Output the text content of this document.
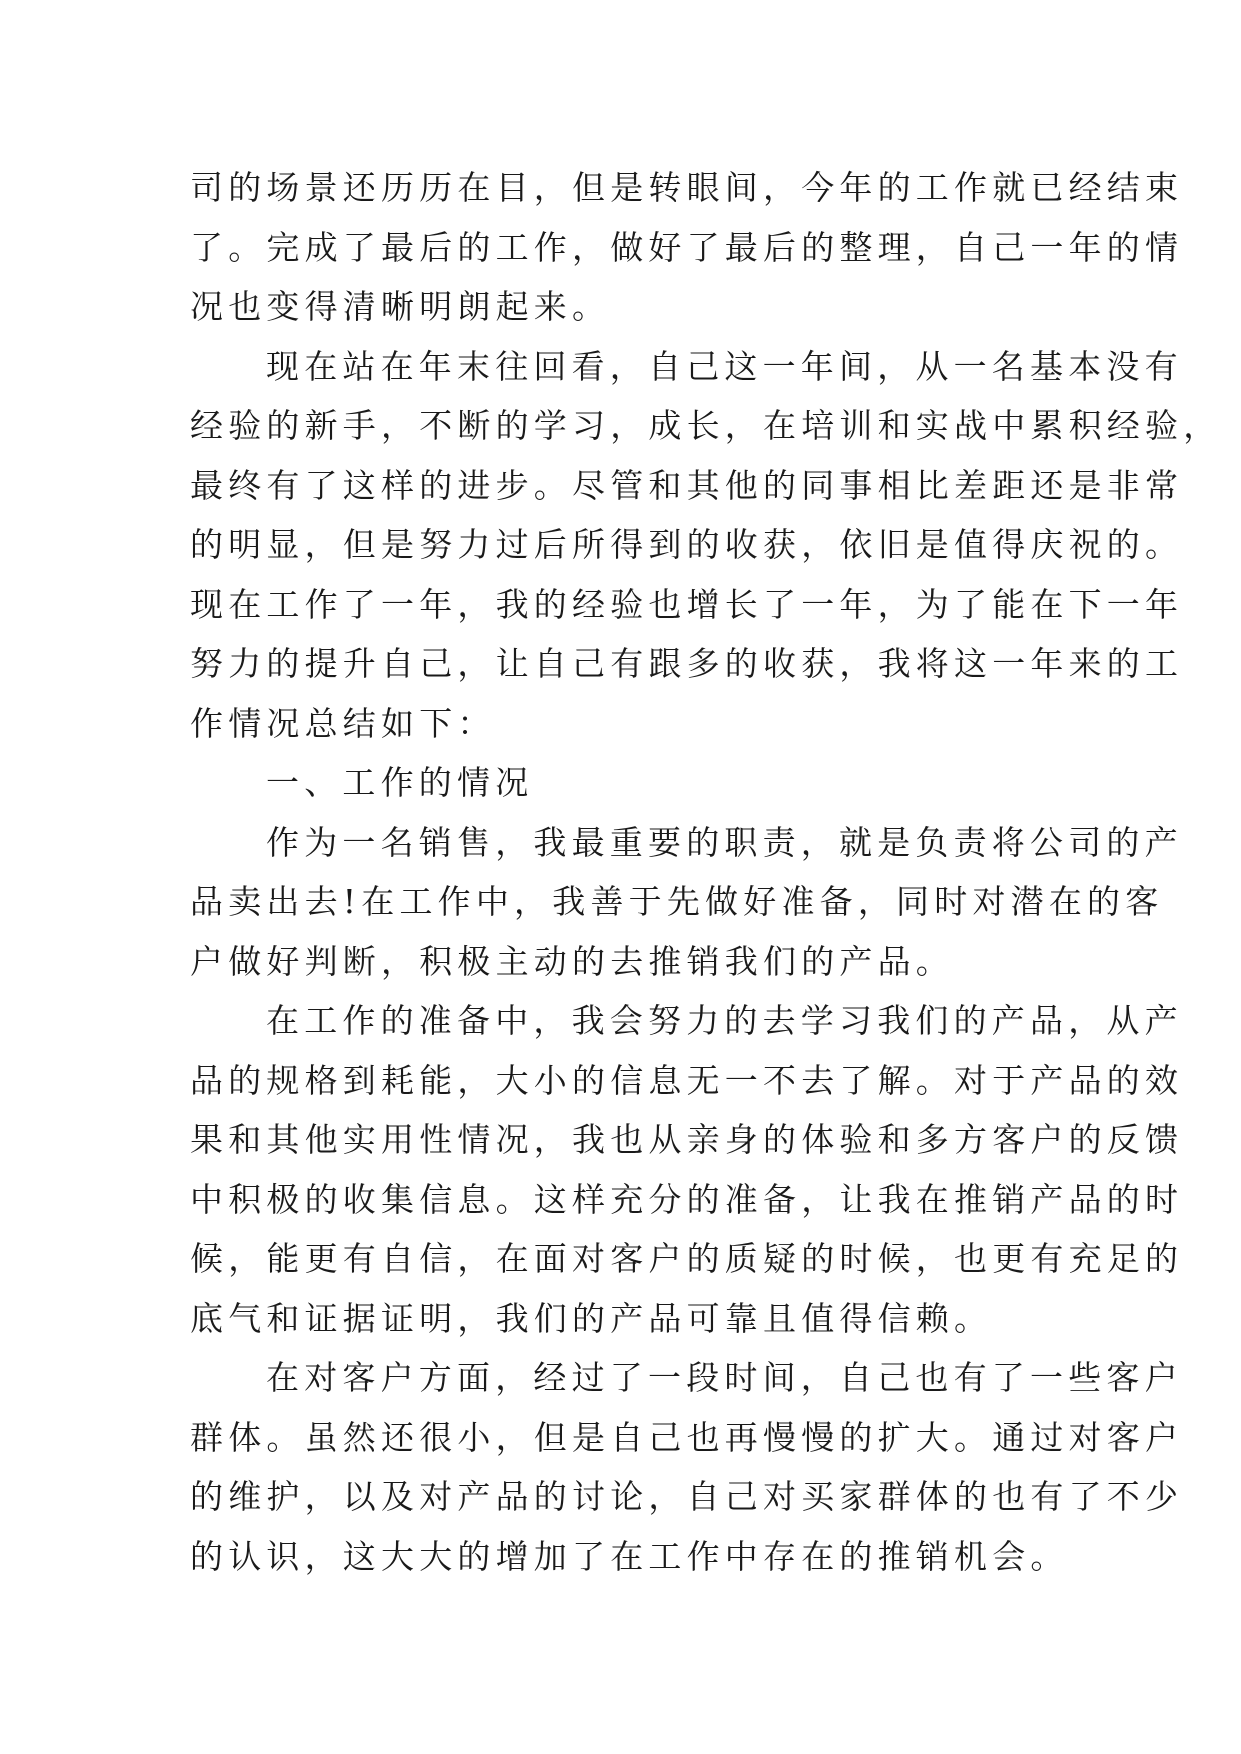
司的场景还历历在目，但是转眼间，今年的工作就已经结束
了。完成了最后的工作，做好了最后的整理，自己一年的情
况也变得清晰明朗起来。
现在站在年末往回看，自己这一年间，从一名基本没有
经验的新手，不断的学习，成长，在培训和实战中累积经验，
最终有了这样的进步。尽管和其他的同事相比差距还是非常
的明显，但是努力过后所得到的收获，依旧是值得庆祝的。
现在工作了一年，我的经验也增长了一年，为了能在下一年
努力的提升自己，让自己有跟多的收获，我将这一年来的工
作情况总结如下：
一、工作的情况
作为一名销售，我最重要的职责，就是负责将公司的产
品卖出去!在工作中，我善于先做好准备，同时对潜在的客
户做好判断，积极主动的去推销我们的产品。
在工作的准备中，我会努力的去学习我们的产品，从产
品的规格到耗能，大小的信息无一不去了解。对于产品的效
果和其他实用性情况，我也从亲身的体验和多方客户的反馈
中积极的收集信息。这样充分的准备，让我在推销产品的时
候，能更有自信，在面对客户的质疑的时候，也更有充足的
底气和证据证明，我们的产品可靠且值得信赖。
在对客户方面，经过了一段时间，自己也有了一些客户
群体。虽然还很小，但是自己也再慢慢的扩大。通过对客户
的维护，以及对产品的讨论，自己对买家群体的也有了不少
的认识，这大大的增加了在工作中存在的推销机会。
